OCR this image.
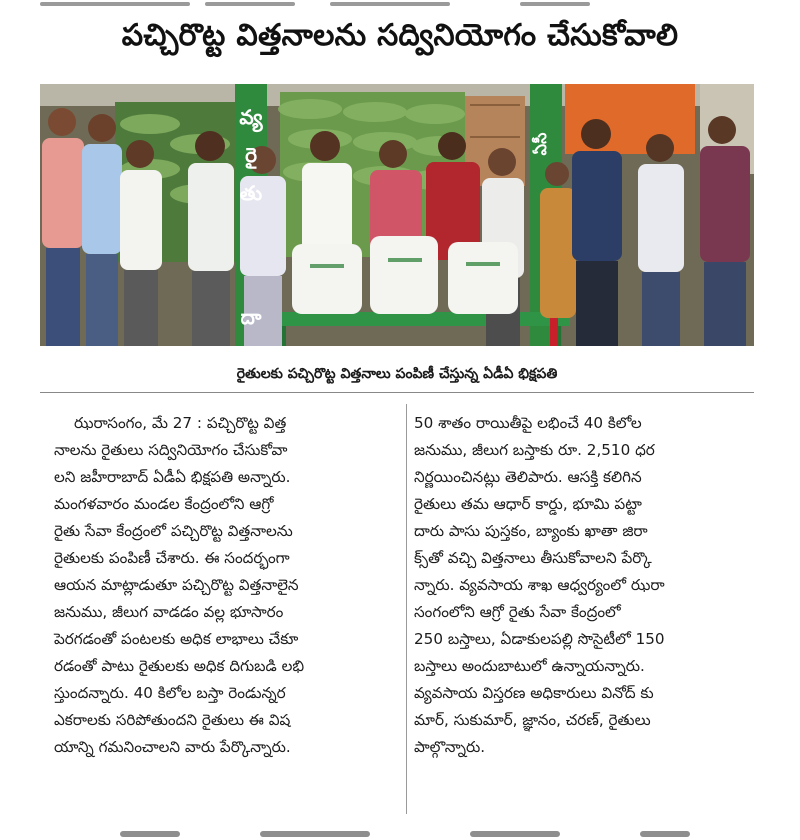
పచ్చిరొట్ట విత్తనాలను సద్వినియోగం చేసుకోవాలి
వ్య
రై
తు
దా
ఏసీ
రైతులకు పచ్చిరొట్ట విత్తనాలు పంపిణీ చేస్తున్న ఏడీఏ భిక్షపతి

ఝరాసంగం, మే 27 : పచ్చిరొట్ట విత్త

నాలను రైతులు సద్వినియోగం చేసుకోవా

లని జహీరాబాద్ ఏడీఏ భిక్షపతి అన్నారు.

మంగళవారం మండల కేంద్రంలోని ఆగ్రో

రైతు సేవా కేంద్రంలో పచ్చిరొట్ట విత్తనాలను

రైతులకు పంపిణీ చేశారు. ఈ సందర్భంగా

ఆయన మాట్లాడుతూ పచ్చిరొట్ట విత్తనాలైన

జనుము, జీలుగ వాడడం వల్ల భూసారం

పెరగడంతో పంటలకు అధిక లాభాలు చేకూ

రడంతో పాటు రైతులకు అధిక దిగుబడి లభి

స్తుందన్నారు. 40 కిలోల బస్తా రెండున్నర

ఎకరాలకు సరిపోతుందని రైతులు ఈ విష

యాన్ని గమనించాలని వారు పేర్కొన్నారు.

50 శాతం రాయితీపై లభించే 40 కిలోల

జనుము, జీలుగ బస్తాకు రూ. 2,510 ధర

నిర్ణయించినట్లు తెలిపారు. ఆసక్తి కలిగిన

రైతులు తమ ఆధార్ కార్డు, భూమి పట్టా

దారు పాసు పుస్తకం, బ్యాంకు ఖాతా జిరా

క్స్‌తో వచ్చి విత్తనాలు తీసుకోవాలని పేర్కొ

న్నారు. వ్యవసాయ శాఖ ఆధ్వర్యంలో ఝరా

సంగంలోని ఆగ్రో రైతు సేవా కేంద్రంలో

250 బస్తాలు, ఏడాకులపల్లి సొసైటీలో 150

బస్తాలు అందుబాటులో ఉన్నాయన్నారు.

వ్యవసాయ విస్తరణ అధికారులు వినోద్ కు

మార్, సుకుమార్, జ్ఞానం, చరణ్, రైతులు

పాల్గొన్నారు.
